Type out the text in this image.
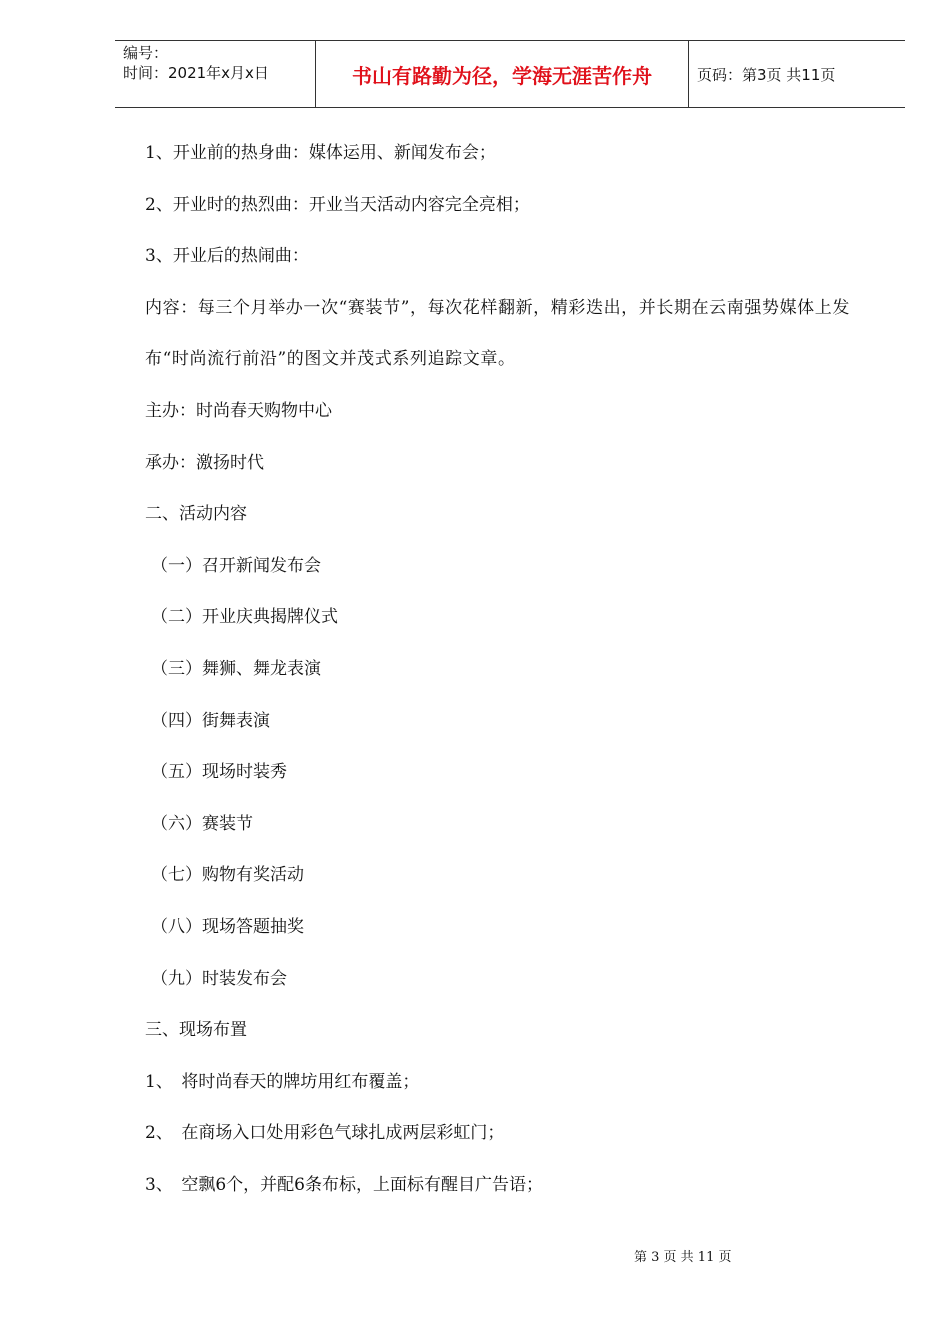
编号：
时间：2021年x月x日	书山有路勤为径，学海无涯苦作舟	页码：第3页 共11页

1、开业前的热身曲：媒体运用、新闻发布会；

2、开业时的热烈曲：开业当天活动内容完全亮相；

3、开业后的热闹曲：

内容：每三个月举办一次“赛装节”，每次花样翻新，精彩迭出，并长期在云南强势媒体上发布“时尚流行前沿”的图文并茂式系列追踪文章。

主办：时尚春天购物中心

承办：激扬时代

二、活动内容

（一）召开新闻发布会

（二）开业庆典揭牌仪式

（三）舞狮、舞龙表演

（四）街舞表演

（五）现场时装秀

（六）赛装节

（七）购物有奖活动

（八）现场答题抽奖

（九）时装发布会

三、现场布置

1、　将时尚春天的牌坊用红布覆盖；

2、　在商场入口处用彩色气球扎成两层彩虹门；

3、　空飘6个，并配6条布标，上面标有醒目广告语；

第 3 页 共 11 页
